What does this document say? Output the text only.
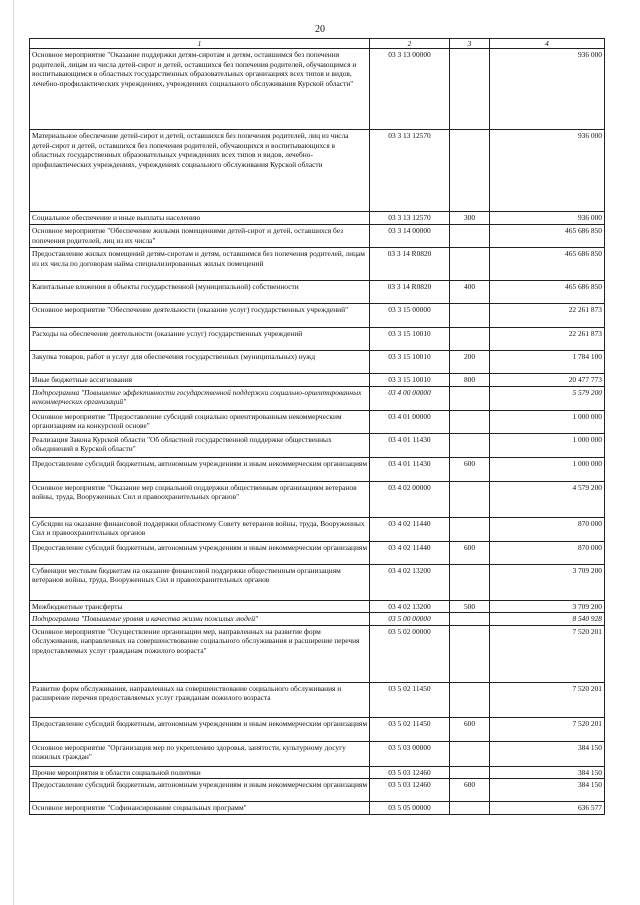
20
1	2	3	4
Основное мероприятие "Оказание поддержки детям-сиротам и детям, оставшимся без попечения родителей, лицам из числа детей-сирот и детей, оставшихся без попечения родителей, обучающимся и воспитывающимся в областных государственных образовательных организациях всех типов и видов, лечебно-профилактических учреждениях, учреждениях социального обслуживания Курской области"	03 3 13 00000		936 000
Материальное обеспечение детей-сирот и детей, оставшихся без попечения родителей, лиц из числа детей-сирот и детей, оставшихся без попечения родителей, обучающихся и воспитывающихся в областных государственных образовательных учреждениях всех типов и видов, лечебно-профилактических учреждениях, учреждениях социального обслуживания Курской области	03 3 13 12570		936 000
Социальное обеспечение и иные выплаты населению	03 3 13 12570	300	936 000
Основное мероприятие "Обеспечение жилыми помещениями детей-сирот и детей, оставшихся без попечения родителей, лиц из их числа"	03 3 14 00000		465 686 850
Предоставление жилых помещений детям-сиротам и детям, оставшимся без попечения родителей, лицам из их числа по договорам найма специализированных жилых помещений	03 3 14 R0820		465 686 850
Капитальные вложения в объекты государственной (муниципальной) собственности	03 3 14 R0820	400	465 686 850
Основное мероприятие "Обеспечение деятельности (оказание услуг) государственных учреждений"	03 3 15 00000		22 261 873
Расходы на обеспечение деятельности (оказание услуг) государственных учреждений	03 3 15 10010		22 261 873
Закупка товаров, работ и услуг для обеспечения государственных (муниципальных) нужд	03 3 15 10010	200	1 784 100
Иные бюджетные ассигнования	03 3 15 10010	800	20 477 773
Подпрограмма "Повышение эффективности государственной поддержки социально-ориентированных некоммерческих организаций"	03 4 00 00000		5 579 200
Основное мероприятие "Предоставление субсидий социально ориентированным некоммерческим организациям на конкурсной основе"	03 4 01 00000		1 000 000
Реализация Закона Курской области "Об областной государственной поддержке общественных объединений в Курской области"	03 4 01 11430		1 000 000
Предоставление субсидий бюджетным, автономным учреждениям и иным некоммерческим организациям	03 4 01 11430	600	1 000 000
Основное мероприятие "Оказание мер социальной поддержки общественным организациям ветеранов войны, труда, Вооруженных Сил и правоохранительных органов"	03 4 02 00000		4 579 200
Субсидии на оказание финансовой поддержки областному Совету ветеранов войны, труда, Вооруженных Сил и правоохранительных органов	03 4 02 11440		870 000
Предоставление субсидий бюджетным, автономным учреждениям и иным некоммерческим организациям	03 4 02 11440	600	870 000
Субвенции местным бюджетам на оказание финансовой поддержки общественным организациям ветеранов войны, труда, Вооруженных Сил и правоохранительных органов	03 4 02 13200		3 709 200
Межбюджетные трансферты	03 4 02 13200	500	3 709 200
Подпрограмма "Повышение уровня и качества жизни пожилых людей"	03 5 00 00000		8 540 928
Основное мероприятие "Осуществление организации мер, направленных на развитие форм обслуживания, направленных на совершенствование социального обслуживания и расширение перечня предоставляемых услуг гражданам пожилого возраста"	03 5 02 00000		7 520 201
Развитие форм обслуживания, направленных на совершенствование социального обслуживания и расширение перечня предоставляемых услуг гражданам пожилого возраста	03 5 02 11450		7 520 201
Предоставление субсидий бюджетным, автономным учреждениям и иным некоммерческим организациям	03 5 02 11450	600	7 520 201
Основное мероприятие "Организация мер по укреплению здоровья, занятости, культурному досугу пожилых граждан"	03 5 03 00000		384 150
Прочие мероприятия в области социальной политики	03 5 03 12460		384 150
Предоставление субсидий бюджетным, автономным учреждениям и иным некоммерческим организациям	03 5 03 12460	600	384 150
Основное мероприятие "Софинансирование социальных программ"	03 5 05 00000		636 577
